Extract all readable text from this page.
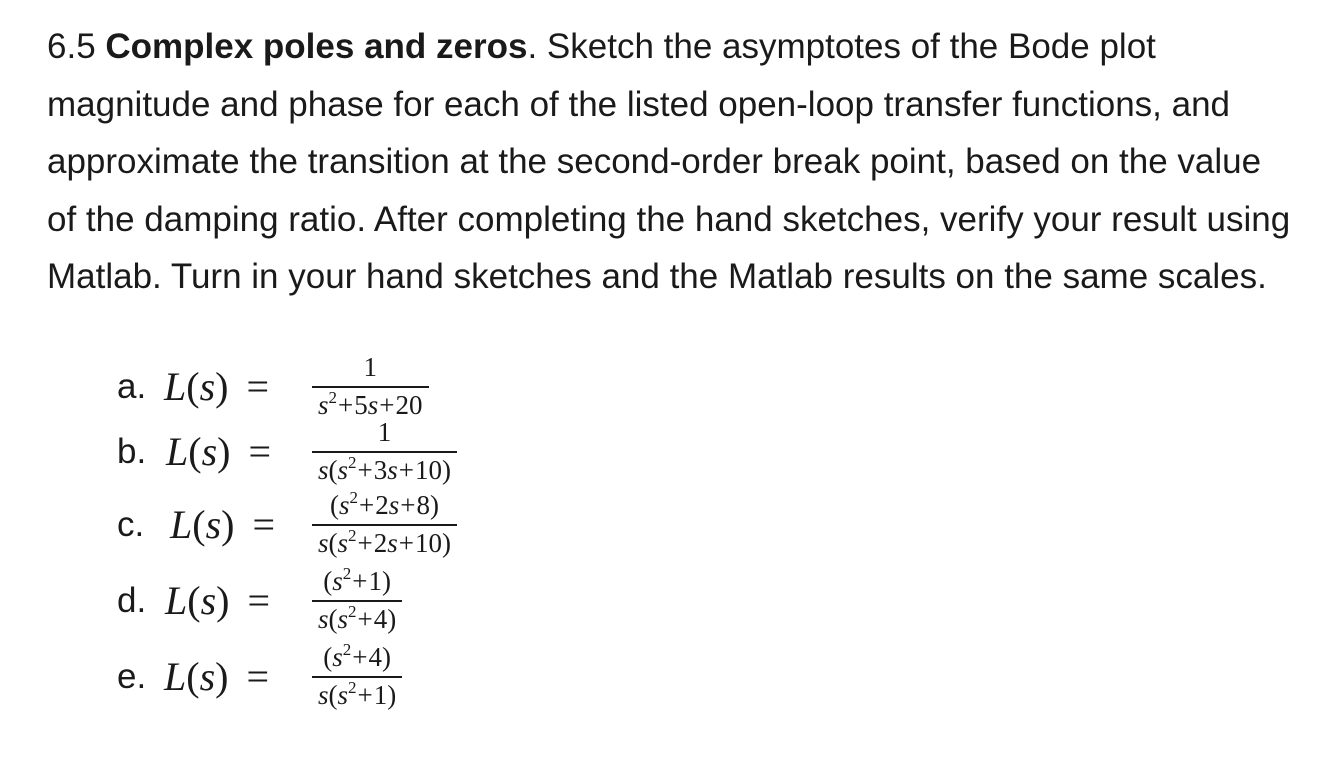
6.5 Complex poles and zeros. Sketch the asymptotes of the Bode plot magnitude and phase for each of the listed open-loop transfer functions, and approximate the transition at the second-order break point, based on the value of the damping ratio. After completing the hand sketches, verify your result using Matlab. Turn in your hand sketches and the Matlab results on the same scales.
a. L(s) =	1
$s^2+5s+20$
b. L(s) =	1
$s(s^2+3s+10)$
c. L(s) =	$(s^2+2s+8)$
$s(s^2+2s+10)$
d. L(s) =	$(s^2+1)$
$s(s^2+4)$
e. L(s) =	$(s^2+4)$
$s(s^2+1)$
